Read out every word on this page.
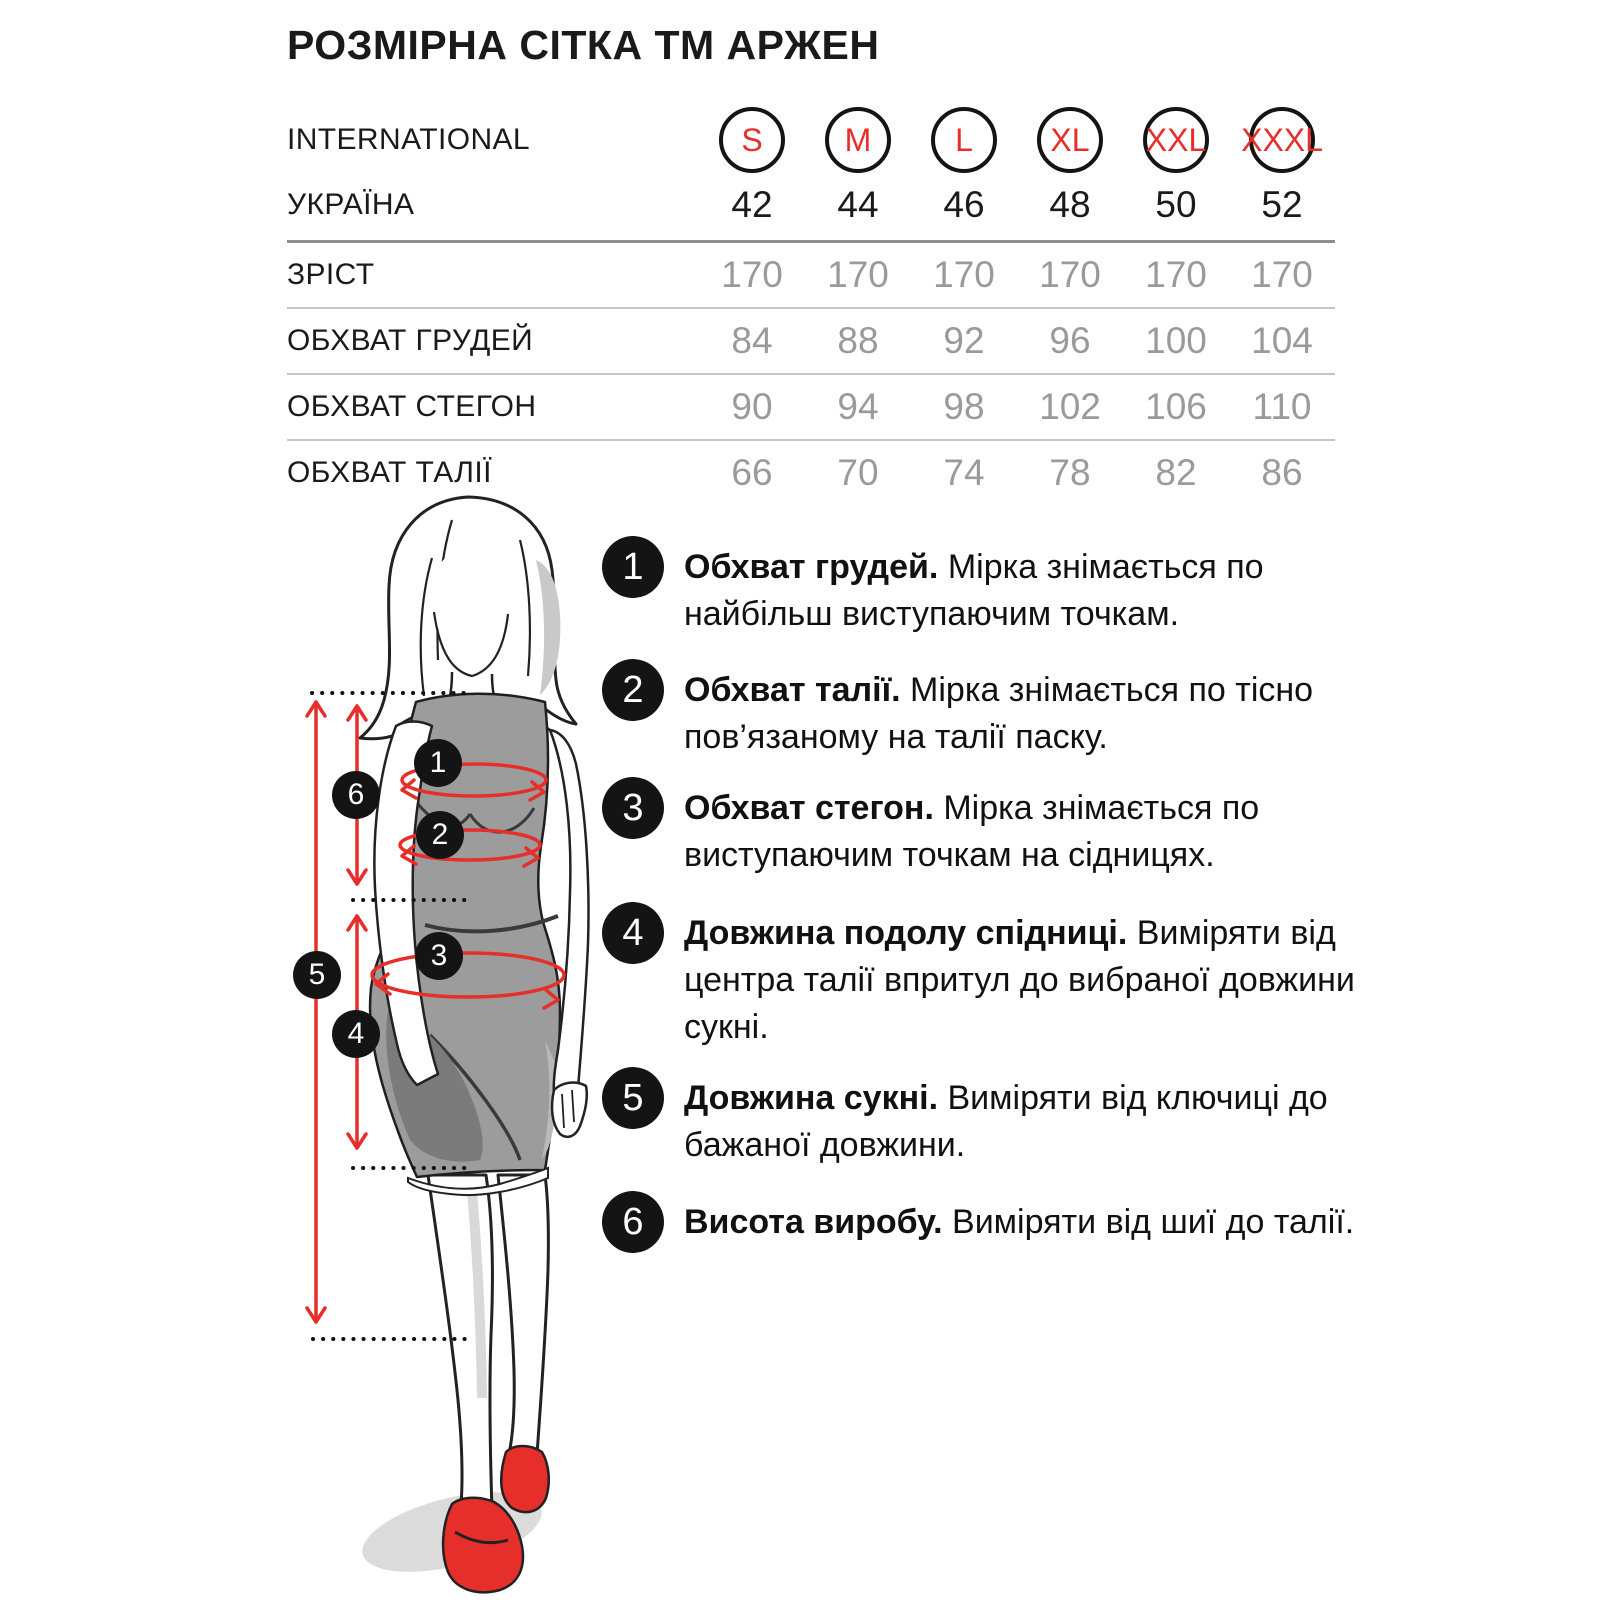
РОЗМІРНА СІТКА ТМ АРЖЕН
INTERNATIONAL	S	M	L XL XXL XXXL
УКРАЇНА	42	44	46	48	50	52
ЗРІСТ	170	170	170	170	170	170
ОБХВАТ ГРУДЕЙ	84	88	92	96	100	104
ОБХВАТ СТЕГОН	90	94	98	102	106	110
ОБХВАТ ТАЛІЇ	66	70	74	78	82	86
1
2
3
4
5
6
1 Обхват грудей. Мірка знімається по найбільш виступаючим точкам.
2 Обхват талії. Мірка знімається по тісно пов’язаному на талії паску.
3 Обхват стегон. Мірка знімається по виступаючим точкам на сідницях.
4 Довжина подолу спідниці. Виміряти від центра талії впритул до вибраної довжини сукні.
5 Довжина сукні. Виміряти від ключиці до бажаної довжини.
6 Висота виробу. Виміряти від шиї до талії.
